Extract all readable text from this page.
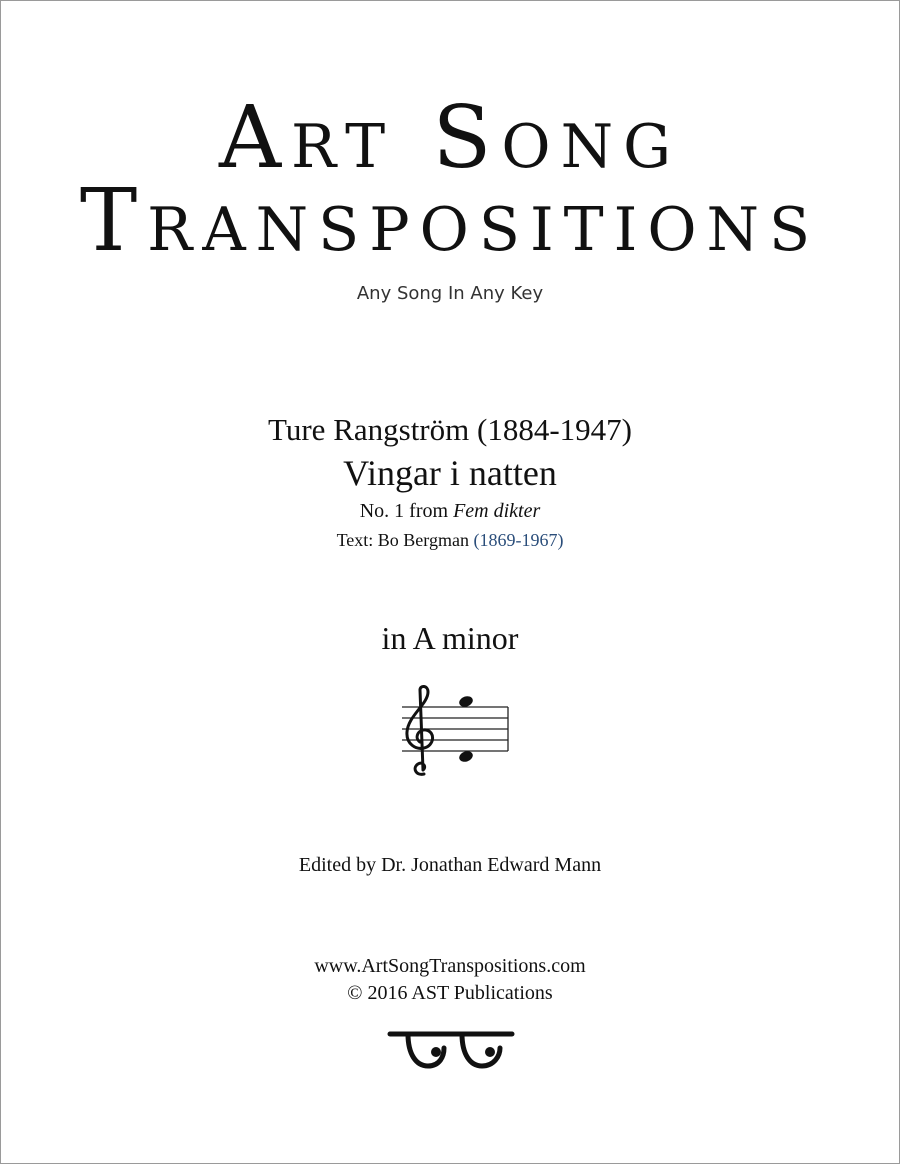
Art Song
Transpositions
Any Song In Any Key
Ture Rangström (1884-1947)
Vingar i natten
No. 1 from Fem dikter
Text: Bo Bergman (1869-1967)
in A minor
Edited by Dr. Jonathan Edward Mann
www.ArtSongTranspositions.com
© 2016 AST Publications
